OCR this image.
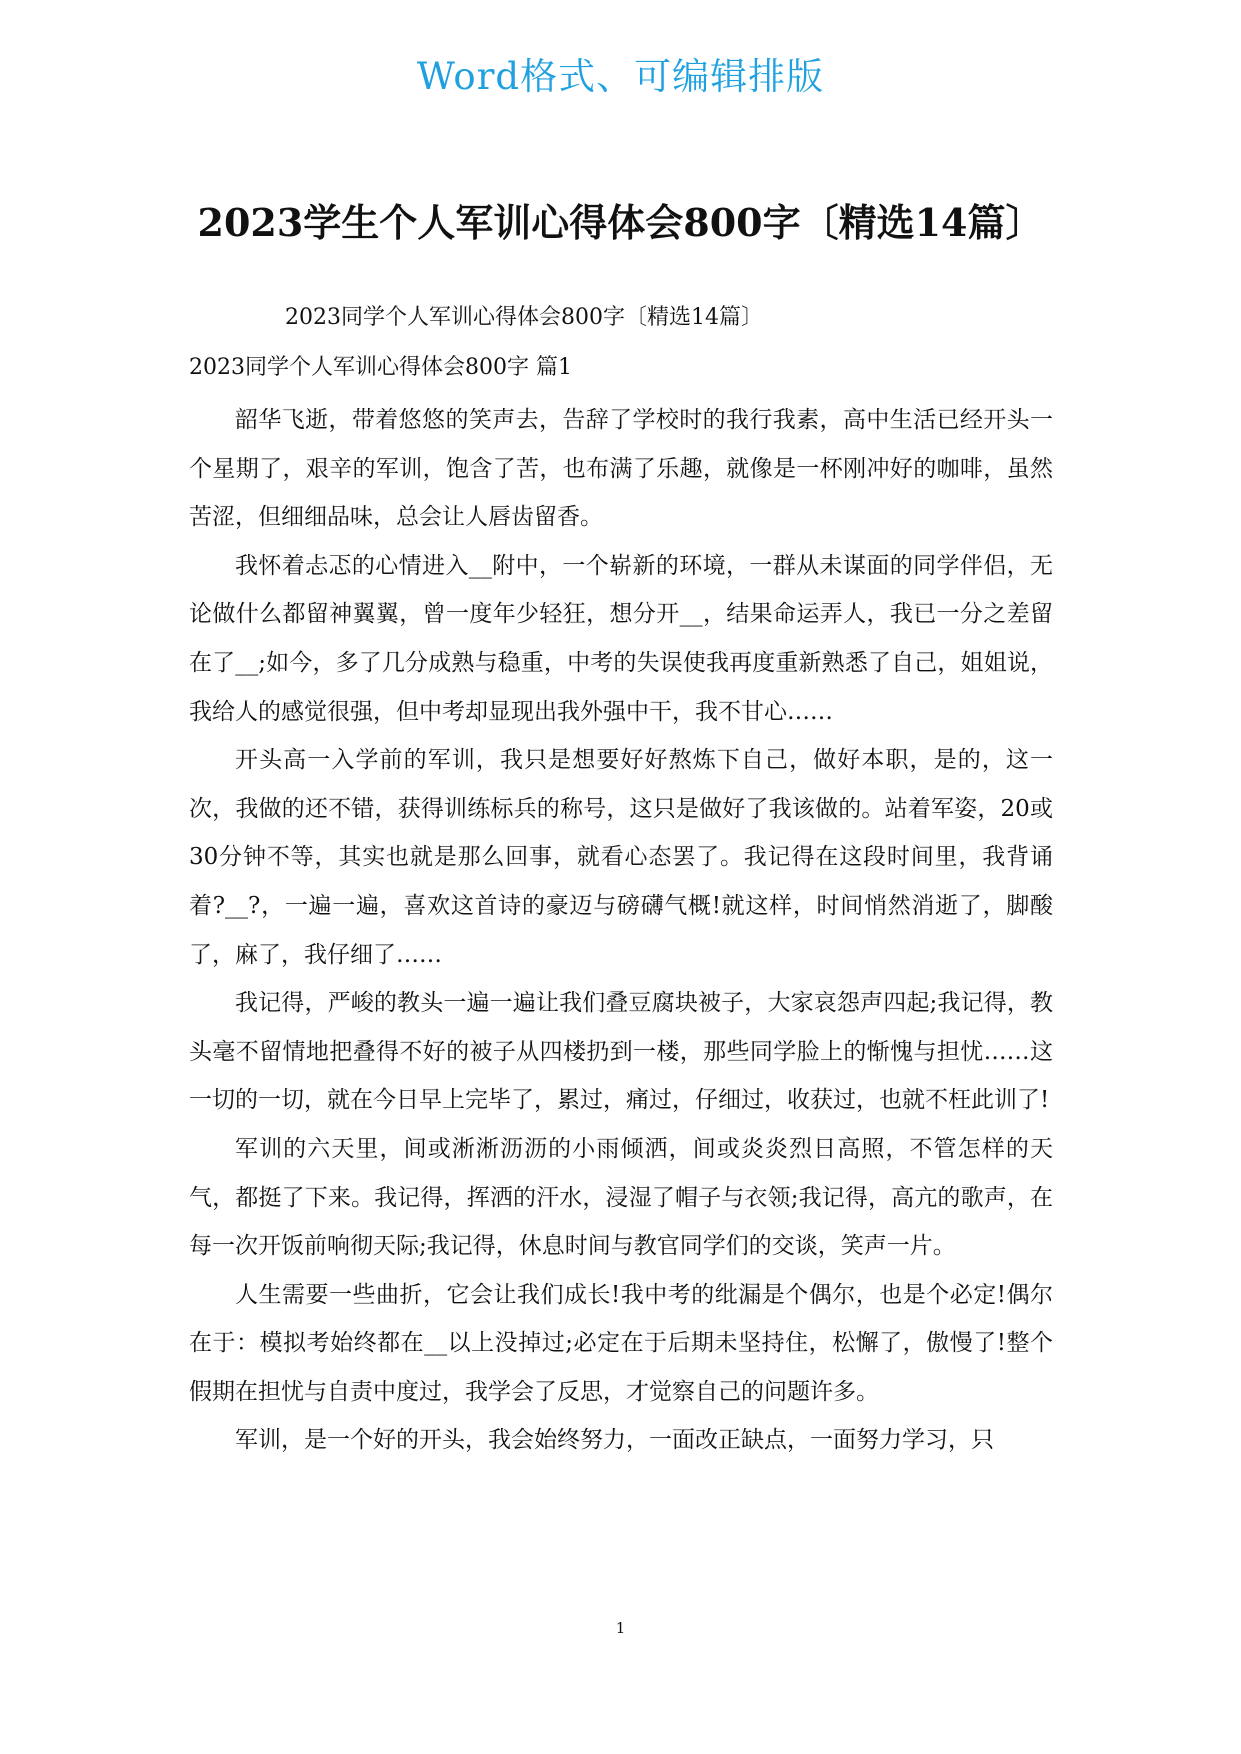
Word格式、可编辑排版
2023学生个人军训心得体会800字〔精选14篇〕
2023同学个人军训心得体会800字〔精选14篇〕
2023同学个人军训心得体会800字 篇1

韶华飞逝，带着悠悠的笑声去，告辞了学校时的我行我素，高中生活已经开头一个星期了，艰辛的军训，饱含了苦，也布满了乐趣，就像是一杯刚冲好的咖啡，虽然苦涩，但细细品味，总会让人唇齿留香。

我怀着忐忑的心情进入__附中，一个崭新的环境，一群从未谋面的同学伴侣，无论做什么都留神翼翼，曾一度年少轻狂，想分开__，结果命运弄人，我已一分之差留在了__;如今，多了几分成熟与稳重，中考的失误使我再度重新熟悉了自己，姐姐说，我给人的感觉很强，但中考却显现出我外强中干，我不甘心……

开头高一入学前的军训，我只是想要好好熬炼下自己，做好本职，是的，这一次，我做的还不错，获得训练标兵的称号，这只是做好了我该做的。站着军姿，20或30分钟不等，其实也就是那么回事，就看心态罢了。我记得在这段时间里，我背诵着?__?，一遍一遍，喜欢这首诗的豪迈与磅礴气概!就这样，时间悄然消逝了，脚酸了，麻了，我仔细了……

我记得，严峻的教头一遍一遍让我们叠豆腐块被子，大家哀怨声四起;我记得，教头毫不留情地把叠得不好的被子从四楼扔到一楼，那些同学脸上的惭愧与担忧……这一切的一切，就在今日早上完毕了，累过，痛过，仔细过，收获过，也就不枉此训了!

军训的六天里，间或淅淅沥沥的小雨倾洒，间或炎炎烈日高照，不管怎样的天气，都挺了下来。我记得，挥洒的汗水，浸湿了帽子与衣领;我记得，高亢的歌声，在每一次开饭前响彻天际;我记得，休息时间与教官同学们的交谈，笑声一片。

人生需要一些曲折，它会让我们成长!我中考的纰漏是个偶尔，也是个必定!偶尔在于：模拟考始终都在__以上没掉过;必定在于后期未坚持住，松懈了，傲慢了!整个假期在担忧与自责中度过，我学会了反思，才觉察自己的问题许多。

军训，是一个好的开头，我会始终努力，一面改正缺点，一面努力学习，只

1
